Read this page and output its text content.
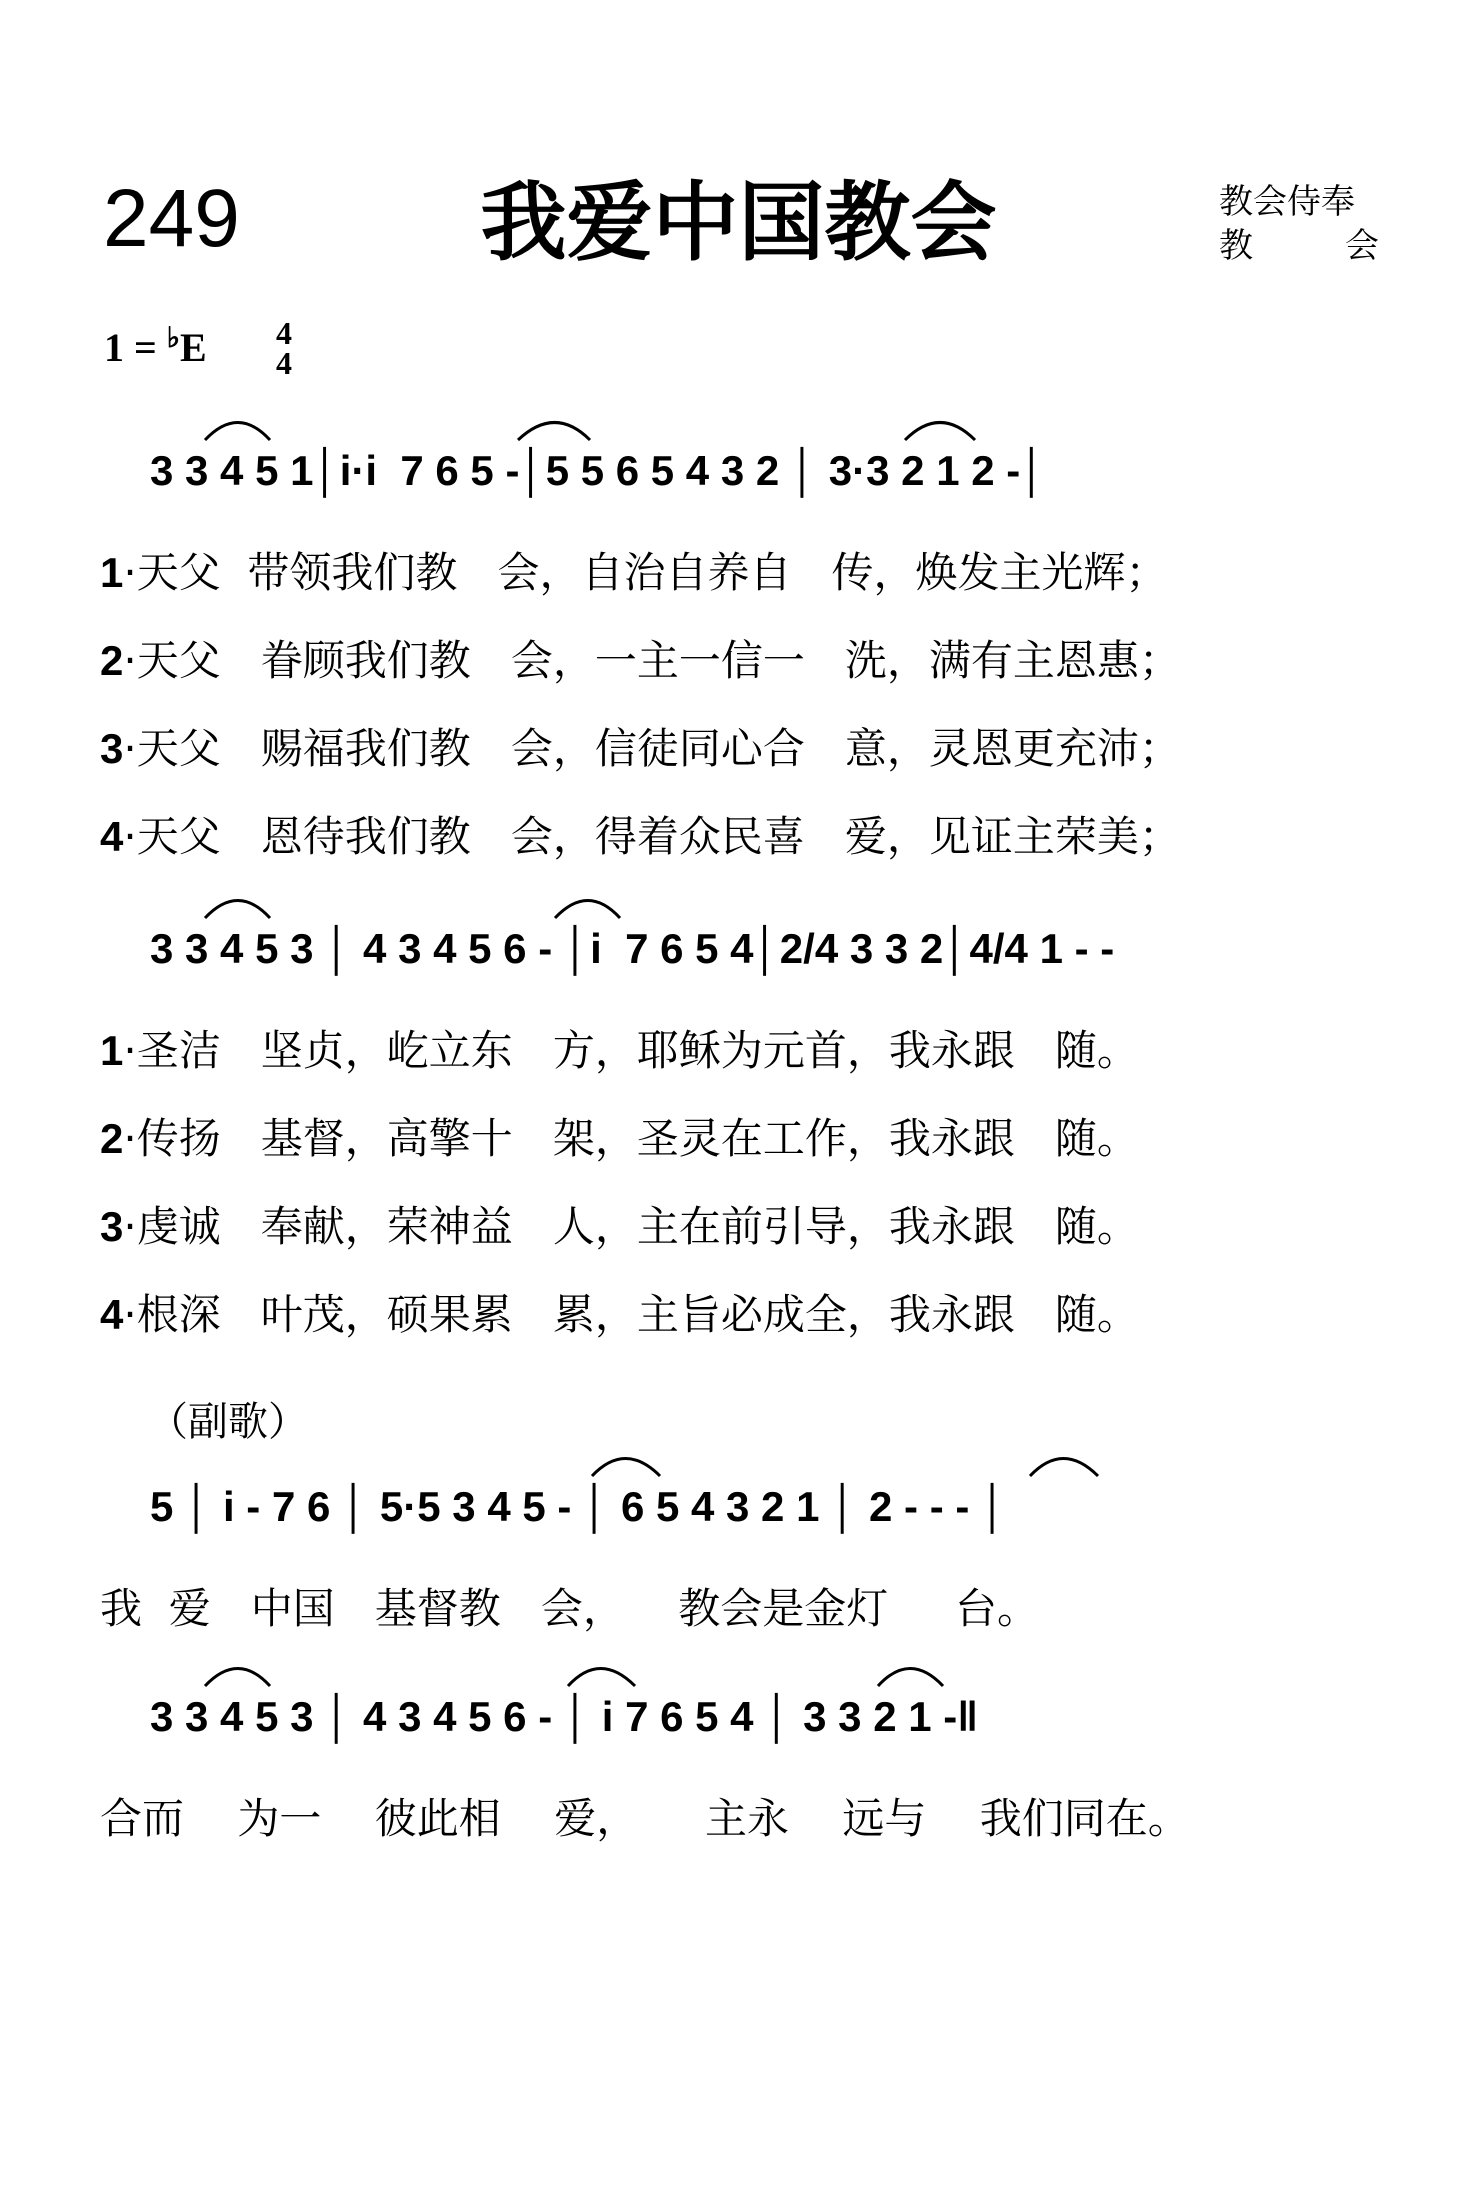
249	我爱中国教会	教会侍奉
教	会
1 = ♭E 4
4
3 3 4 5 1│i·i  7 6 5 -│5 5 6 5 4 3 2 │ 3·3 2 1 2 -│
1·天父  带领我们教   会，自治自养自   传，焕发主光辉；
2·天父   眷顾我们教   会，一主一信一   洗，满有主恩惠；
3·天父   赐福我们教   会，信徒同心合   意，灵恩更充沛；
4·天父   恩待我们教   会，得着众民喜   爱，见证主荣美；
3 3 4 5 3 │ 4 3 4 5 6 - │i  7 6 5 4│2/4 3 3 2│4/4 1 - -
1·圣洁   坚贞，屹立东   方，耶稣为元首，我永跟   随。
2·传扬   基督，高擎十   架，圣灵在工作，我永跟   随。
3·虔诚   奉献，荣神益   人，主在前引导，我永跟   随。
4·根深   叶茂，硕果累   累，主旨必成全，我永跟   随。
（副歌）
5 │ i - 7 6 │ 5·5 3 4 5 - │ 6 5 4 3 2 1 │ 2 - - - │
我  爱   中国   基督教   会，    教会是金灯     台。
3 3 4 5 3 │ 4 3 4 5 6 - │ i 7 6 5 4 │ 3 3 2 1 -‖
合而    为一    彼此相    爱，     主永    远与    我们同在。
